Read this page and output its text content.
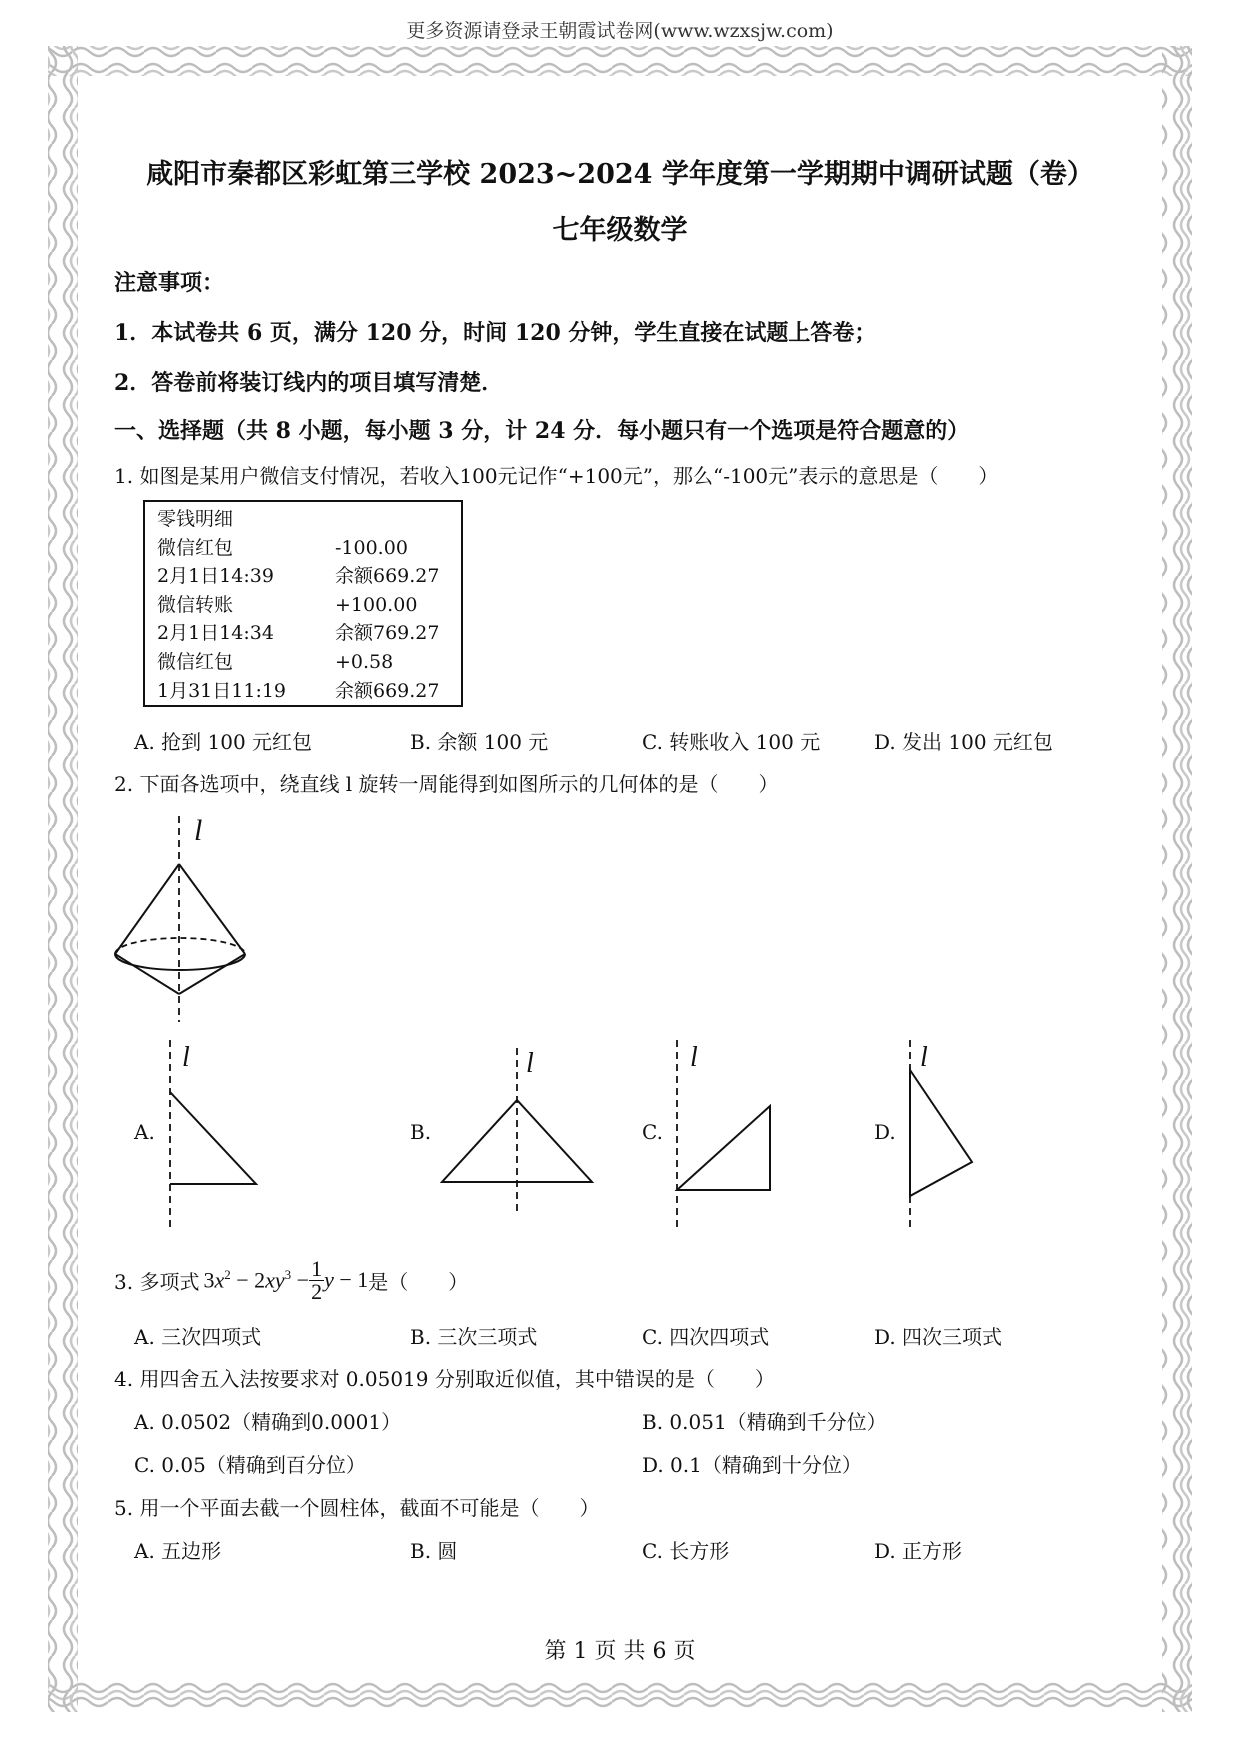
更多资源请登录王朝霞试卷网(www.wzxsjw.com)
咸阳市秦都区彩虹第三学校 2023~2024 学年度第一学期期中调研试题（卷）
七年级数学
注意事项：
1．本试卷共 6 页，满分 120 分，时间 120 分钟，学生直接在试题上答卷；
2．答卷前将装订线内的项目填写清楚．
一、选择题（共 8 小题，每小题 3 分，计 24 分．每小题只有一个选项是符合题意的）
1. 如图是某用户微信支付情况，若收入100元记作“+100元”，那么“-100元”表示的意思是（　　）
零钱明细
微信红包	-100.00
2月1日14:39	余额669.27
微信转账	+100.00
2月1日14:34	余额769.27
微信红包	+0.58
1月31日11:19	余额669.27
A. 抢到 100 元红包	B. 余额 100 元	C. 转账收入 100 元	D. 发出 100 元红包
2. 下面各选项中，绕直线 l 旋转一周能得到如图所示的几何体的是（　　）
l
A.
l
B.
l
C.
l
D.
l
3. 多项式 $3x^2 - 2xy^3 - \frac{1}{2}$ y − 1 是（　　）
A. 三次四项式	B. 三次三项式	C. 四次四项式	D. 四次三项式
4. 用四舍五入法按要求对 0.05019 分别取近似值，其中错误的是（　　）
A. 0.0502（精确到0.0001）	B. 0.051（精确到千分位）
C. 0.05（精确到百分位）	D. 0.1（精确到十分位）
5. 用一个平面去截一个圆柱体，截面不可能是（　　）
A. 五边形	B. 圆	C. 长方形	D. 正方形
第 1 页 共 6 页
